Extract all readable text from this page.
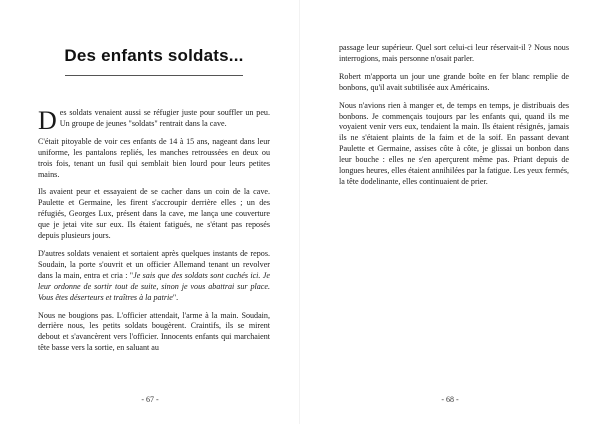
Des enfants soldats...

Des soldats venaient aussi se réfugier juste pour souffler un peu. Un groupe de jeunes "soldats" rentrait dans la cave.

C'était pitoyable de voir ces enfants de 14 à 15 ans, nageant dans leur uniforme, les pantalons repliés, les manches retroussées en deux ou trois fois, tenant un fusil qui semblait bien lourd pour leurs petites mains.

Ils avaient peur et essayaient de se cacher dans un coin de la cave. Paulette et Germaine, les firent s'accroupir derrière elles ; un des réfugiés, Georges Lux, présent dans la cave, me lança une couverture que je jetai vite sur eux. Ils étaient fatigués, ne s'étant pas reposés depuis plusieurs jours.

D'autres soldats venaient et sortaient après quelques instants de repos. Soudain, la porte s'ouvrit et un officier Allemand tenant un revolver dans la main, entra et cria : "Je sais que des soldats sont cachés ici. Je leur ordonne de sortir tout de suite, sinon je vous abattrai sur place. Vous êtes déserteurs et traîtres à la patrie".

Nous ne bougions pas. L'officier attendait, l'arme à la main. Soudain, derrière nous, les petits soldats bougèrent. Craintifs, ils se mirent debout et s'avancèrent vers l'officier. Innocents enfants qui marchaient tête basse vers la sortie, en saluant au

- 67 -

passage leur supérieur. Quel sort celui-ci leur réservait-il ? Nous nous interrogions, mais personne n'osait parler.

Robert m'apporta un jour une grande boîte en fer blanc remplie de bonbons, qu'il avait subtilisée aux Américains.

Nous n'avions rien à manger et, de temps en temps, je distribuais des bonbons. Je commençais toujours par les enfants qui, quand ils me voyaient venir vers eux, tendaient la main. Ils étaient résignés, jamais ils ne s'étaient plaints de la faim et de la soif. En passant devant Paulette et Germaine, assises côte à côte, je glissai un bonbon dans leur bouche : elles ne s'en aperçurent même pas. Priant depuis de longues heures, elles étaient annihilées par la fatigue. Les yeux fermés, la tête dodelinante, elles continuaient de prier.

- 68 -
